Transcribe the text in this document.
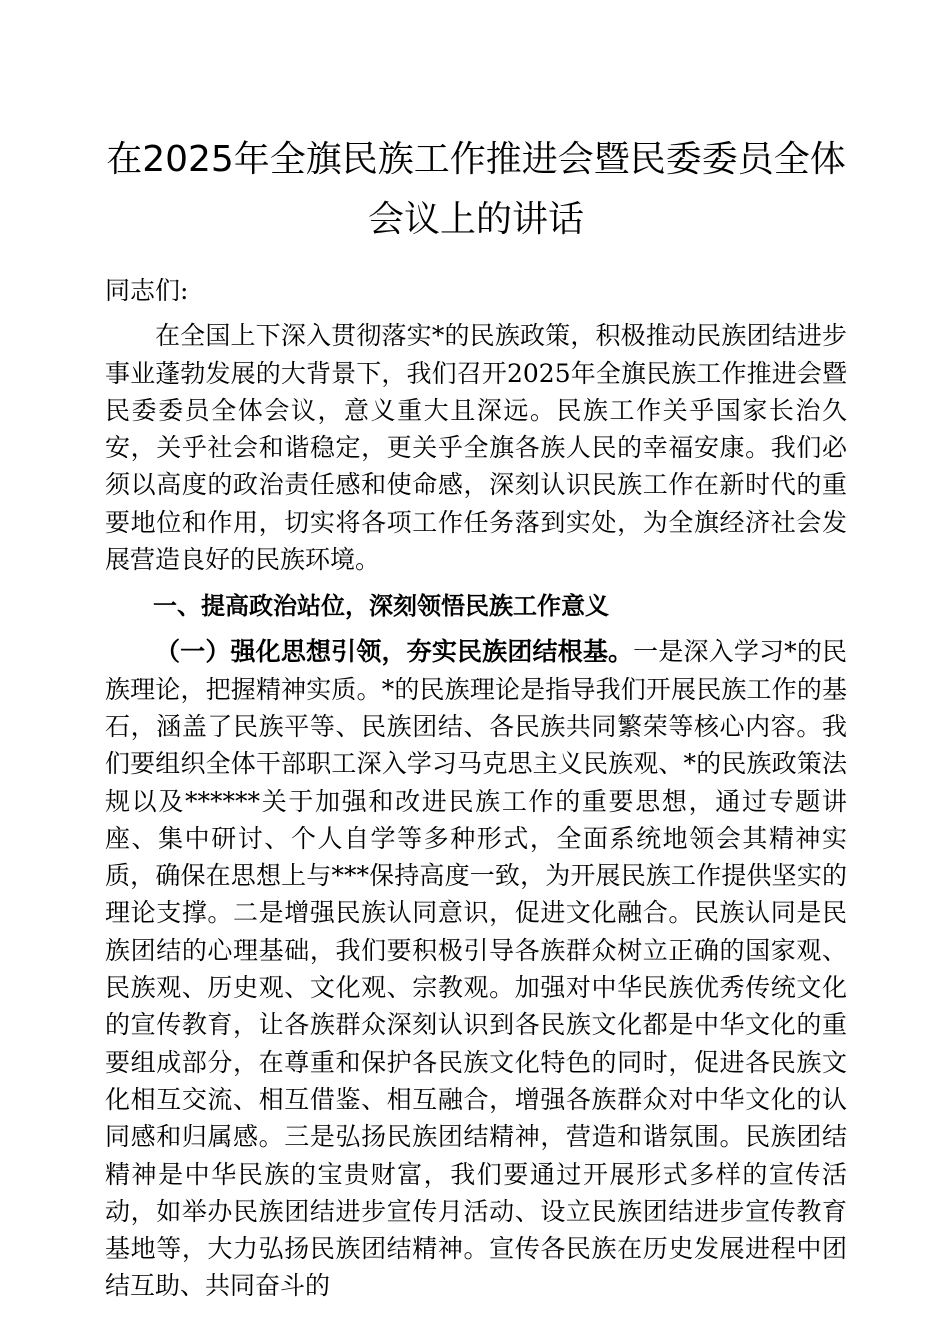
在2025年全旗民族工作推进会暨民委委员全体
会议上的讲话
同志们:

在全国上下深入贯彻落实*的民族政策，积极推动民族团结进步事业蓬勃发展的大背景下，我们召开2025年全旗民族工作推进会暨民委委员全体会议，意义重大且深远。民族工作关乎国家长治久安，关乎社会和谐稳定，更关乎全旗各族人民的幸福安康。我们必须以高度的政治责任感和使命感，深刻认识民族工作在新时代的重要地位和作用，切实将各项工作任务落到实处，为全旗经济社会发展营造良好的民族环境。

一、提高政治站位，深刻领悟民族工作意义

（一）强化思想引领，夯实民族团结根基。一是深入学习*的民族理论，把握精神实质。*的民族理论是指导我们开展民族工作的基石，涵盖了民族平等、民族团结、各民族共同繁荣等核心内容。我们要组织全体干部职工深入学习马克思主义民族观、*的民族政策法规以及******关于加强和改进民族工作的重要思想，通过专题讲座、集中研讨、个人自学等多种形式，全面系统地领会其精神实质，确保在思想上与***保持高度一致，为开展民族工作提供坚实的理论支撑。二是增强民族认同意识，促进文化融合。民族认同是民族团结的心理基础，我们要积极引导各族群众树立正确的国家观、民族观、历史观、文化观、宗教观。加强对中华民族优秀传统文化的宣传教育，让各族群众深刻认识到各民族文化都是中华文化的重要组成部分，在尊重和保护各民族文化特色的同时，促进各民族文化相互交流、相互借鉴、相互融合，增强各族群众对中华文化的认同感和归属感。三是弘扬民族团结精神，营造和谐氛围。民族团结精神是中华民族的宝贵财富，我们要通过开展形式多样的宣传活动，如举办民族团结进步宣传月活动、设立民族团结进步宣传教育基地等，大力弘扬民族团结精神。宣传各民族在历史发展进程中团结互助、共同奋斗的
